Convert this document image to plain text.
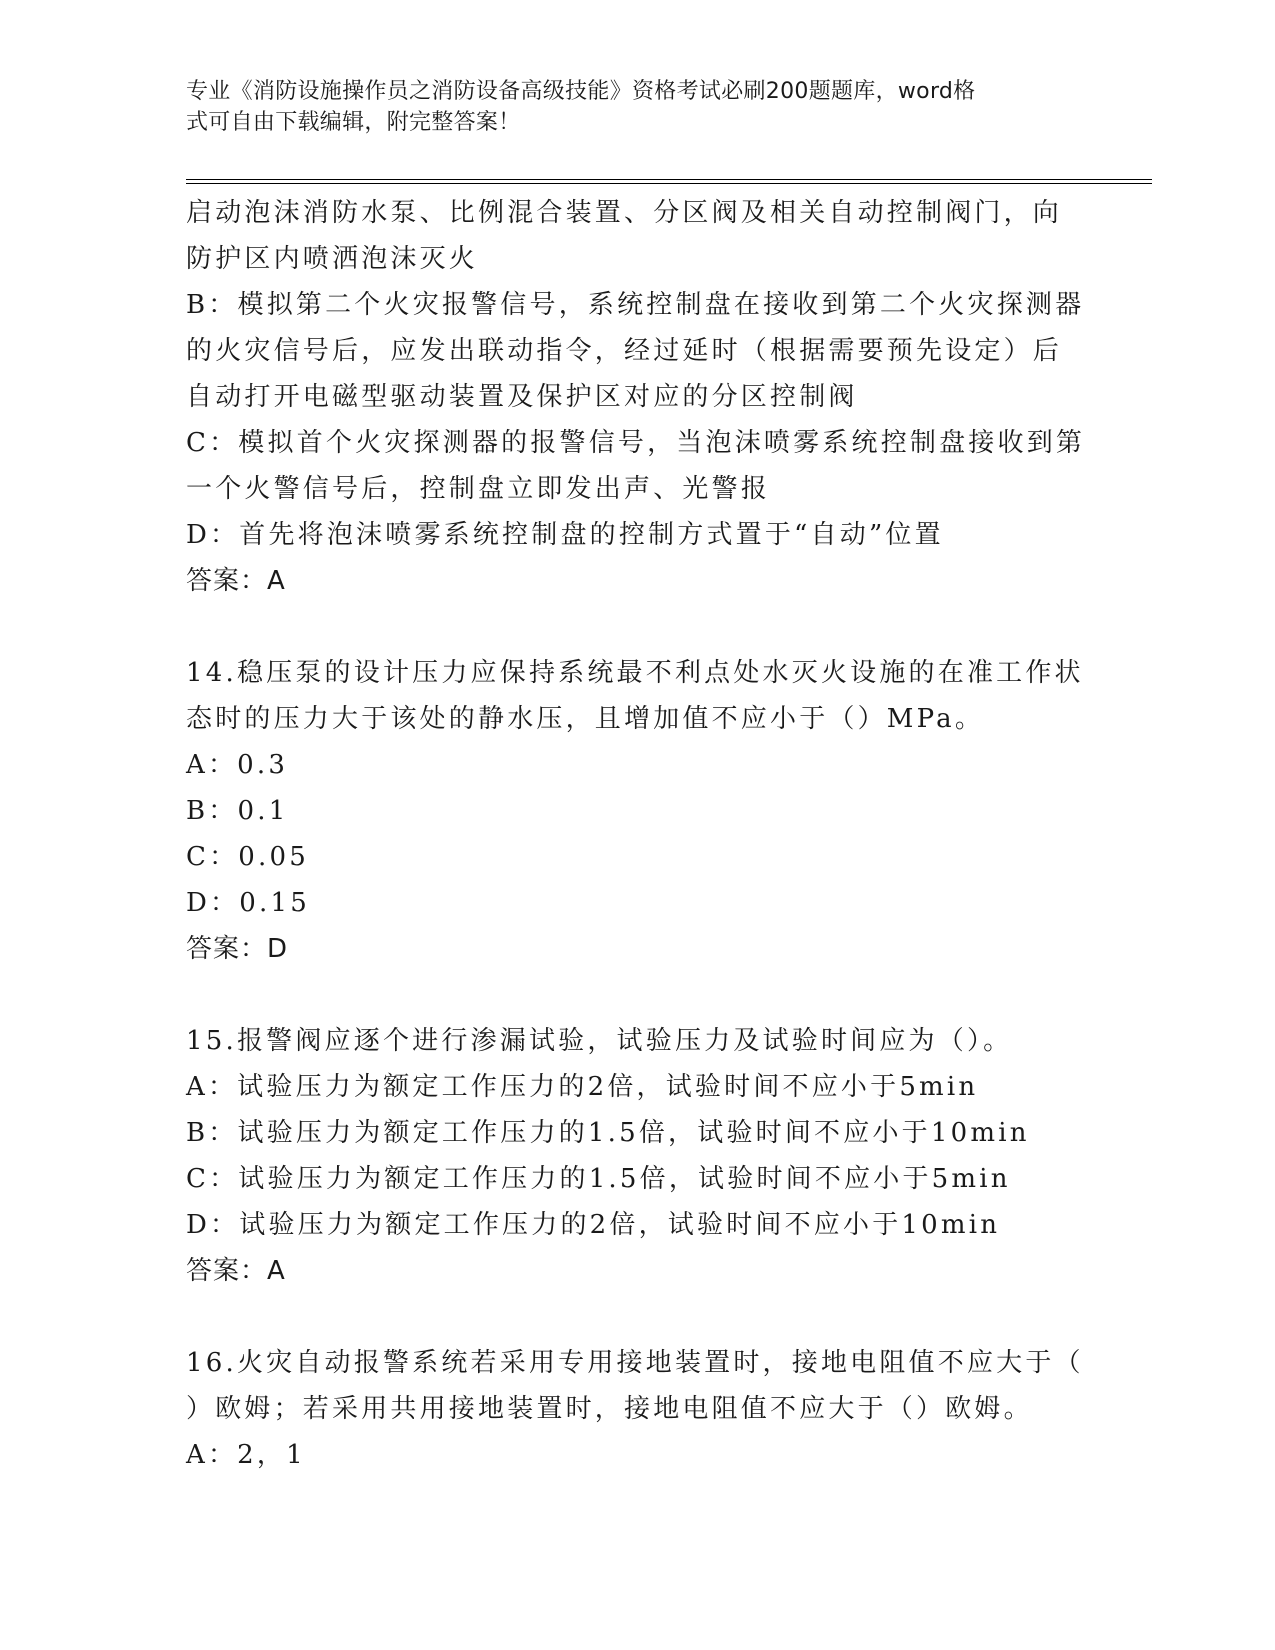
专业《消防设施操作员之消防设备高级技能》资格考试必刷200题题库，word格
式可自由下载编辑，附完整答案！
启动泡沫消防水泵、比例混合装置、分区阀及相关自动控制阀门，向
防护区内喷洒泡沫灭火
B：模拟第二个火灾报警信号，系统控制盘在接收到第二个火灾探测器
的火灾信号后，应发出联动指令，经过延时（根据需要预先设定）后
自动打开电磁型驱动装置及保护区对应的分区控制阀
C：模拟首个火灾探测器的报警信号，当泡沫喷雾系统控制盘接收到第
一个火警信号后，控制盘立即发出声、光警报
D：首先将泡沫喷雾系统控制盘的控制方式置于“自动”位置
答案：A
14.稳压泵的设计压力应保持系统最不利点处水灭火设施的在准工作状
态时的压力大于该处的静水压，且增加值不应小于（）MPa。
A：0.3
B：0.1
C：0.05
D：0.15
答案：D
15.报警阀应逐个进行渗漏试验，试验压力及试验时间应为（）。
A：试验压力为额定工作压力的2倍，试验时间不应小于5min
B：试验压力为额定工作压力的1.5倍，试验时间不应小于10min
C：试验压力为额定工作压力的1.5倍，试验时间不应小于5min
D：试验压力为额定工作压力的2倍，试验时间不应小于10min
答案：A
16.火灾自动报警系统若采用专用接地装置时，接地电阻值不应大于（
）欧姆；若采用共用接地装置时，接地电阻值不应大于（）欧姆。
A：2，1
